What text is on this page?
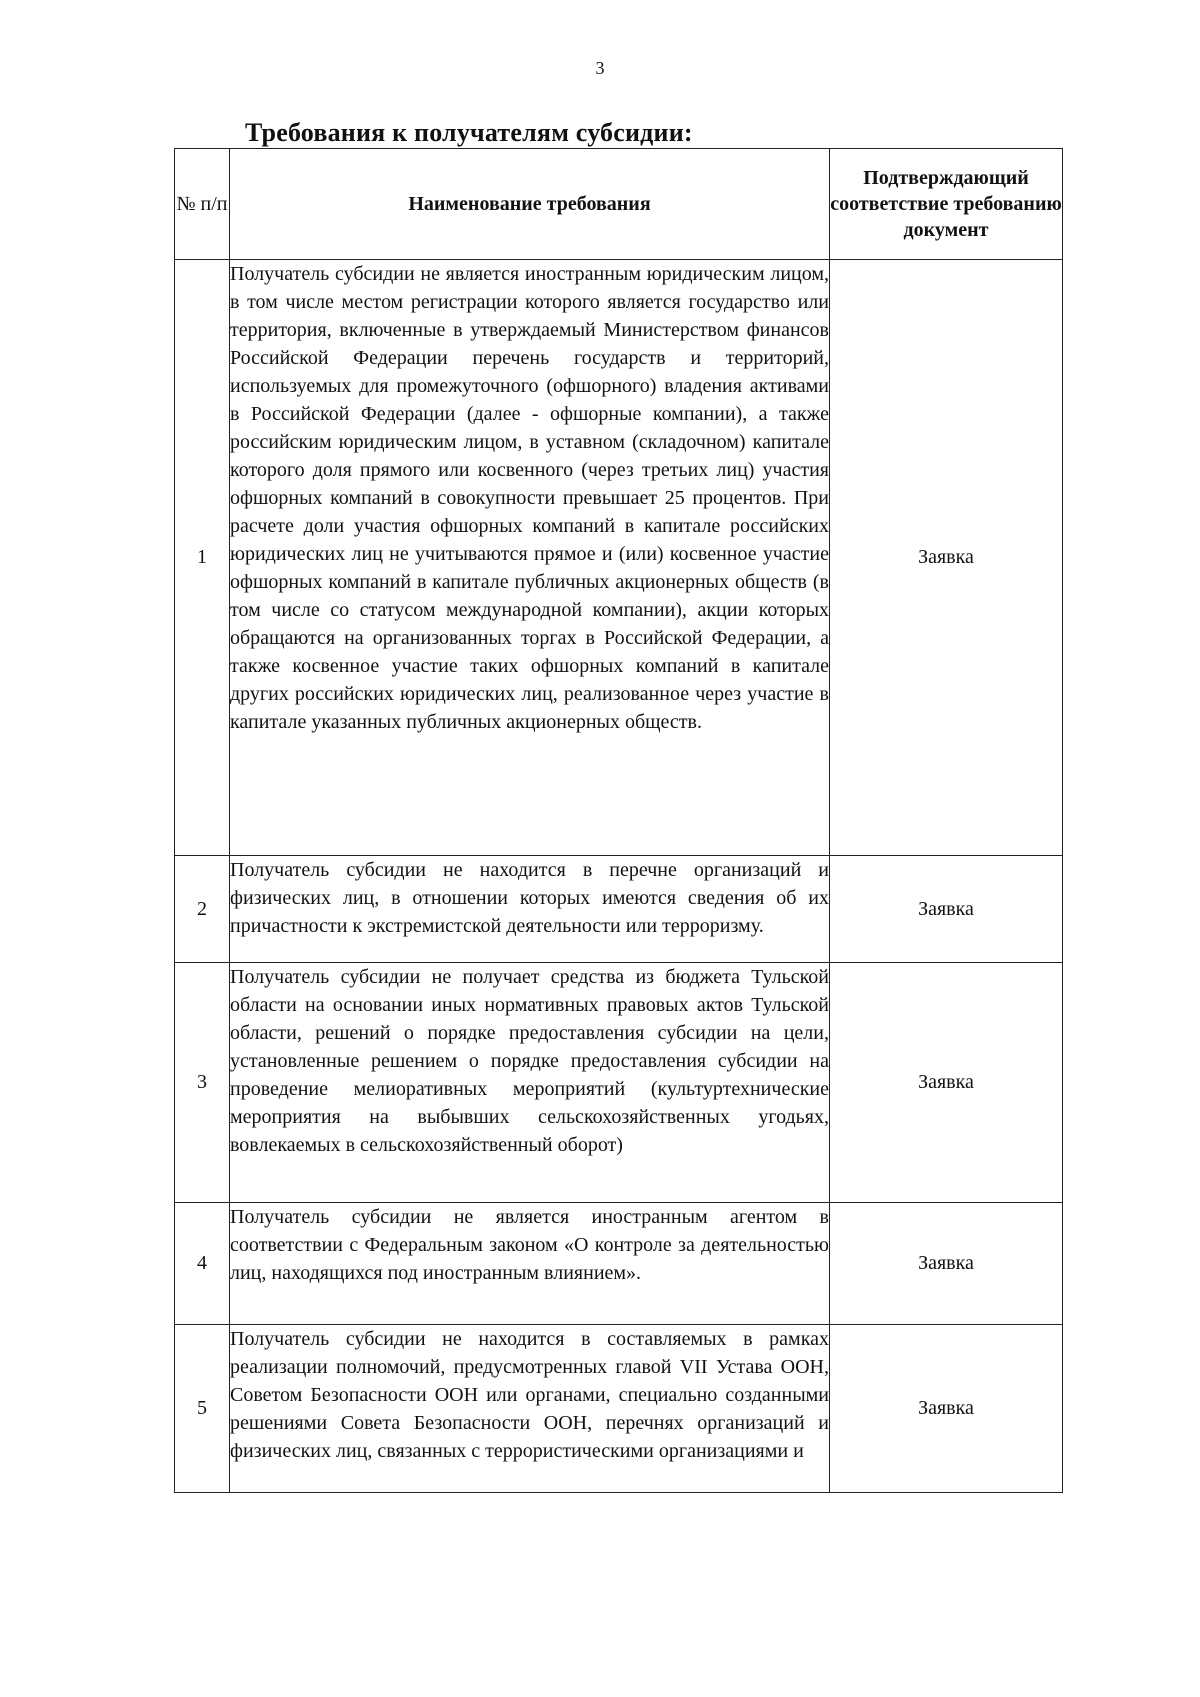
3
Требования к получателям субсидии:
№ п/п	Наименование требования	Подтверждающий соответствие требованию документ
1	Получатель субсидии не является иностранным юридическим лицом, в том числе местом регистрации которого является государство или территория, включенные в утверждаемый Министерством финансов Российской Федерации перечень государств и территорий, используемых для промежуточного (офшорного) владения активами в Российской Федерации (далее - офшорные компании), а также российским юридическим лицом, в уставном (складочном) капитале которого доля прямого или косвенного (через третьих лиц) участия офшорных компаний в совокупности превышает 25 процентов. При расчете доли участия офшорных компаний в капитале российских юридических лиц не учитываются прямое и (или) косвенное участие офшорных компаний в капитале публичных акционерных обществ (в том числе со статусом международной компании), акции которых обращаются на организованных торгах в Российской Федерации, а также косвенное участие таких офшорных компаний в капитале других российских юридических лиц, реализованное через участие в капитале указанных публичных акционерных обществ.	Заявка
2	Получатель субсидии не находится в перечне организаций и физических лиц, в отношении которых имеются сведения об их причастности к экстремистской деятельности или терроризму.	Заявка
3	Получатель субсидии не получает средства из бюджета Тульской области на основании иных нормативных правовых актов Тульской области, решений о порядке предоставления субсидии на цели, установленные решением о порядке предоставления субсидии на проведение мелиоративных мероприятий (культуртехнические мероприятия на выбывших сельскохозяйственных угодьях, вовлекаемых в сельскохозяйственный оборот)	Заявка
4	Получатель субсидии не является иностранным агентом в соответствии с Федеральным законом «О контроле за деятельностью лиц, находящихся под иностранным влиянием».	Заявка
5	Получатель субсидии не находится в составляемых в рамках реализации полномочий, предусмотренных главой VII Устава ООН, Советом Безопасности ООН или органами, специально созданными решениями Совета Безопасности ООН, перечнях организаций и физических лиц, связанных с террористическими организациями и	Заявка
